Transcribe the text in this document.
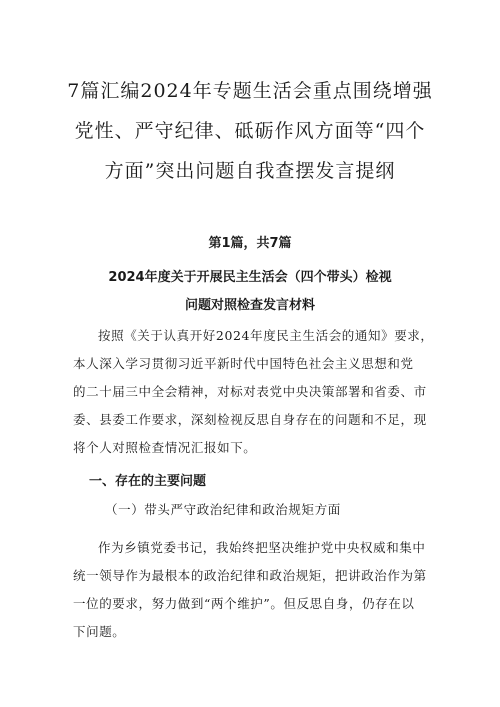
7篇汇编2024年专题生活会重点围绕增强
党性、严守纪律、砥砺作风方面等“四个
方面”突出问题自我查摆发言提纲
第1篇，共7篇
2024年度关于开展民主生活会（四个带头）检视
问题对照检查发言材料

按照《关于认真开好2024年度民主生活会的通知》要求，
本人深入学习贯彻习近平新时代中国特色社会主义思想和党
的二十届三中全会精神，对标对表党中央决策部署和省委、市
委、县委工作要求，深刻检视反思自身存在的问题和不足，现
将个人对照检查情况汇报如下。

一、存在的主要问题
（一）带头严守政治纪律和政治规矩方面

作为乡镇党委书记，我始终把坚决维护党中央权威和集中
统一领导作为最根本的政治纪律和政治规矩，把讲政治作为第
一位的要求，努力做到“两个维护”。但反思自身，仍存在以
下问题。
